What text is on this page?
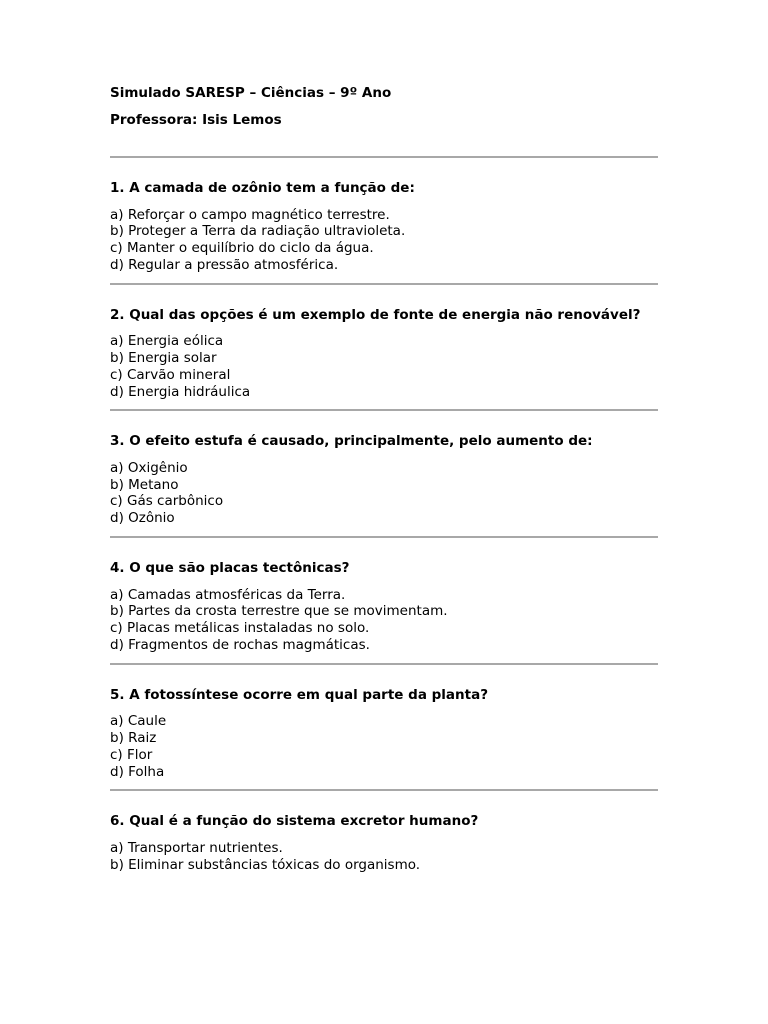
Simulado SARESP – Ciências – 9º Ano

Professora: Isis Lemos

1. A camada de ozônio tem a função de:

a) Reforçar o campo magnético terrestre.
b) Proteger a Terra da radiação ultravioleta.
c) Manter o equilíbrio do ciclo da água.
d) Regular a pressão atmosférica.

2. Qual das opções é um exemplo de fonte de energia não renovável?

a) Energia eólica
b) Energia solar
c) Carvão mineral
d) Energia hidráulica

3. O efeito estufa é causado, principalmente, pelo aumento de:

a) Oxigênio
b) Metano
c) Gás carbônico
d) Ozônio

4. O que são placas tectônicas?

a) Camadas atmosféricas da Terra.
b) Partes da crosta terrestre que se movimentam.
c) Placas metálicas instaladas no solo.
d) Fragmentos de rochas magmáticas.

5. A fotossíntese ocorre em qual parte da planta?

a) Caule
b) Raiz
c) Flor
d) Folha

6. Qual é a função do sistema excretor humano?

a) Transportar nutrientes.
b) Eliminar substâncias tóxicas do organismo.
